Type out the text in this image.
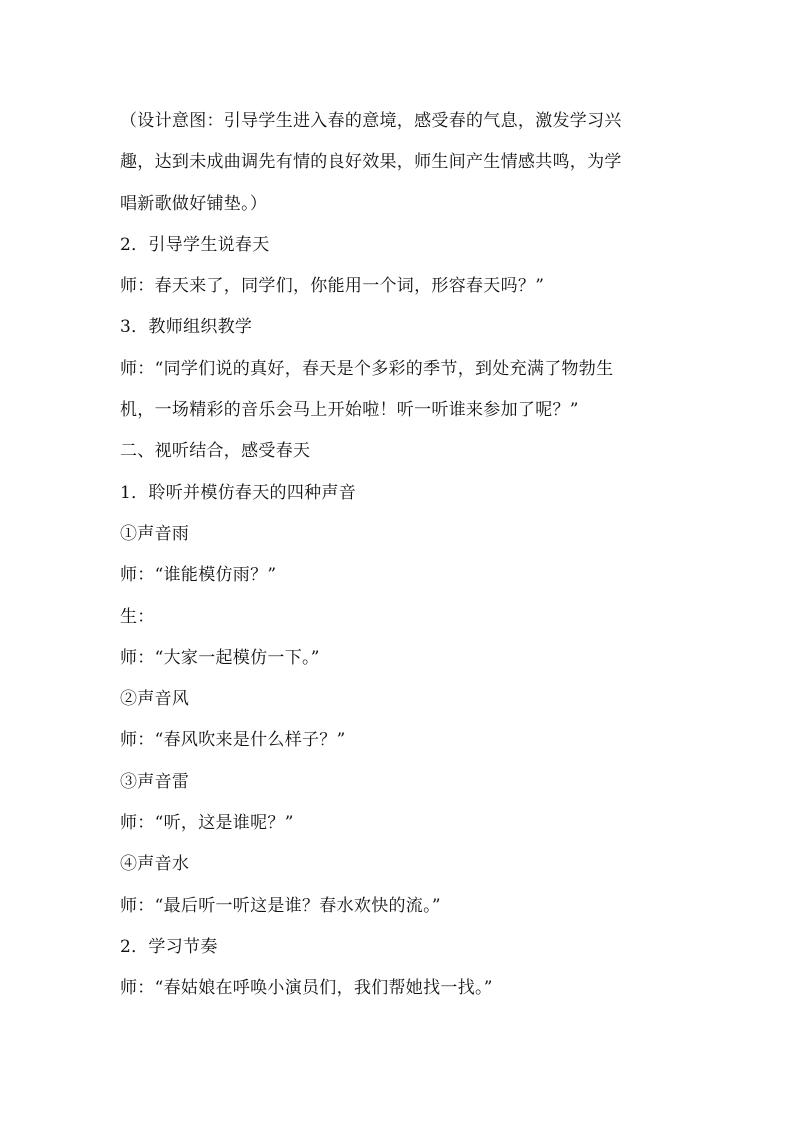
（设计意图：引导学生进入春的意境，感受春的气息，激发学习兴
趣，达到未成曲调先有情的良好效果，师生间产生情感共鸣，为学
唱新歌做好铺垫。）
2．引导学生说春天
师：春天来了，同学们，你能用一个词，形容春天吗？”
3．教师组织教学
师：“同学们说的真好，春天是个多彩的季节，到处充满了物勃生
机，一场精彩的音乐会马上开始啦！听一听谁来参加了呢？”
二、视听结合，感受春天
1．聆听并模仿春天的四种声音
①声音雨
师：“谁能模仿雨？”
生：
师：“大家一起模仿一下。”
②声音风
师：“春风吹来是什么样子？”
③声音雷
师：“听，这是谁呢？”
④声音水
师：“最后听一听这是谁？春水欢快的流。”
2．学习节奏
师：“春姑娘在呼唤小演员们，我们帮她找一找。”
